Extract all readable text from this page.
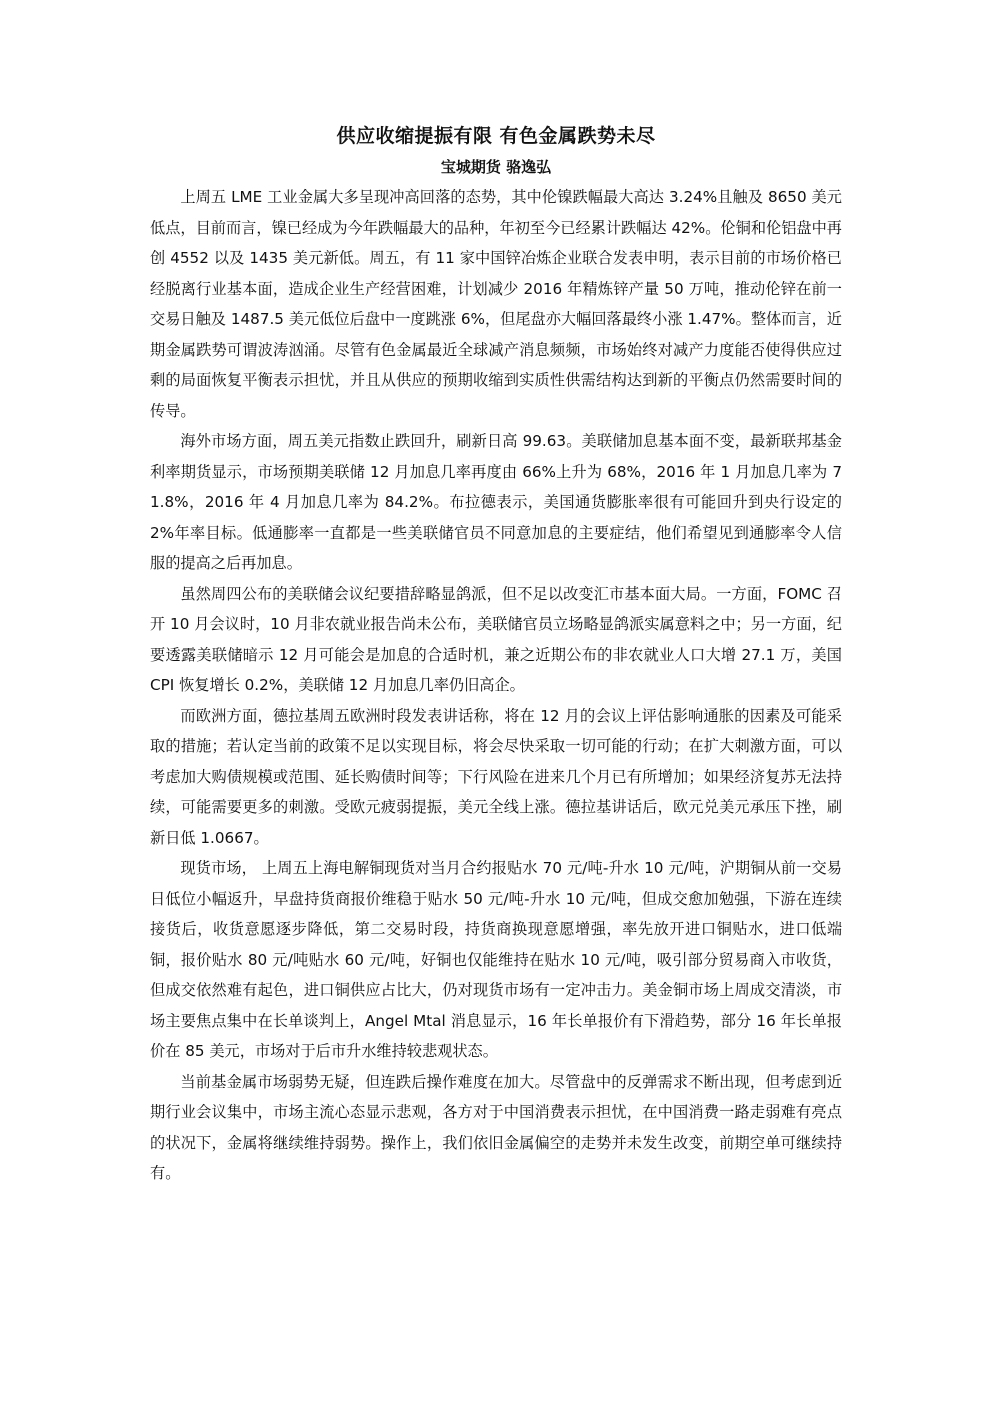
供应收缩提振有限 有色金属跌势未尽
宝城期货 骆逸弘

上周五 LME 工业金属大多呈现冲高回落的态势，其中伦镍跌幅最大高达 3.24%且触及 8650 美元低点，目前而言，镍已经成为今年跌幅最大的品种，年初至今已经累计跌幅达 42%。伦铜和伦铝盘中再创 4552 以及 1435 美元新低。周五，有 11 家中国锌冶炼企业联合发表申明，表示目前的市场价格已经脱离行业基本面，造成企业生产经营困难，计划减少 2016 年精炼锌产量 50 万吨，推动伦锌在前一交易日触及 1487.5 美元低位后盘中一度跳涨 6%，但尾盘亦大幅回落最终小涨 1.47%。整体而言，近期金属跌势可谓波涛汹涌。尽管有色金属最近全球减产消息频频，市场始终对减产力度能否使得供应过剩的局面恢复平衡表示担忧，并且从供应的预期收缩到实质性供需结构达到新的平衡点仍然需要时间的传导。

海外市场方面，周五美元指数止跌回升，刷新日高 99.63。美联储加息基本面不变，最新联邦基金利率期货显示，市场预期美联储 12 月加息几率再度由 66%上升为 68%，2016 年 1 月加息几率为 71.8%，2016 年 4 月加息几率为 84.2%。布拉德表示，美国通货膨胀率很有可能回升到央行设定的 2%年率目标。低通膨率一直都是一些美联储官员不同意加息的主要症结，他们希望见到通膨率令人信服的提高之后再加息。

虽然周四公布的美联储会议纪要措辞略显鸽派，但不足以改变汇市基本面大局。一方面，FOMC 召开 10 月会议时，10 月非农就业报告尚未公布，美联储官员立场略显鸽派实属意料之中；另一方面，纪要透露美联储暗示 12 月可能会是加息的合适时机，兼之近期公布的非农就业人口大增 27.1 万，美国 CPI 恢复增长 0.2%，美联储 12 月加息几率仍旧高企。

而欧洲方面，德拉基周五欧洲时段发表讲话称，将在 12 月的会议上评估影响通胀的因素及可能采取的措施；若认定当前的政策不足以实现目标，将会尽快采取一切可能的行动；在扩大刺激方面，可以考虑加大购债规模或范围、延长购债时间等；下行风险在进来几个月已有所增加；如果经济复苏无法持续，可能需要更多的刺激。受欧元疲弱提振，美元全线上涨。德拉基讲话后，欧元兑美元承压下挫，刷新日低 1.0667。

现货市场， 上周五上海电解铜现货对当月合约报贴水 70 元/吨-升水 10 元/吨，沪期铜从前一交易日低位小幅返升，早盘持货商报价维稳于贴水 50 元/吨-升水 10 元/吨，但成交愈加勉强，下游在连续接货后，收货意愿逐步降低，第二交易时段，持货商换现意愿增强，率先放开进口铜贴水，进口低端铜，报价贴水 80 元/吨贴水 60 元/吨，好铜也仅能维持在贴水 10 元/吨，吸引部分贸易商入市收货，但成交依然难有起色，进口铜供应占比大，仍对现货市场有一定冲击力。美金铜市场上周成交清淡，市场主要焦点集中在长单谈判上，Angel Mtal 消息显示，16 年长单报价有下滑趋势，部分 16 年长单报价在 85 美元，市场对于后市升水维持较悲观状态。

当前基金属市场弱势无疑，但连跌后操作难度在加大。尽管盘中的反弹需求不断出现，但考虑到近期行业会议集中，市场主流心态显示悲观，各方对于中国消费表示担忧，在中国消费一路走弱难有亮点的状况下，金属将继续维持弱势。操作上，我们依旧金属偏空的走势并未发生改变，前期空单可继续持有。
